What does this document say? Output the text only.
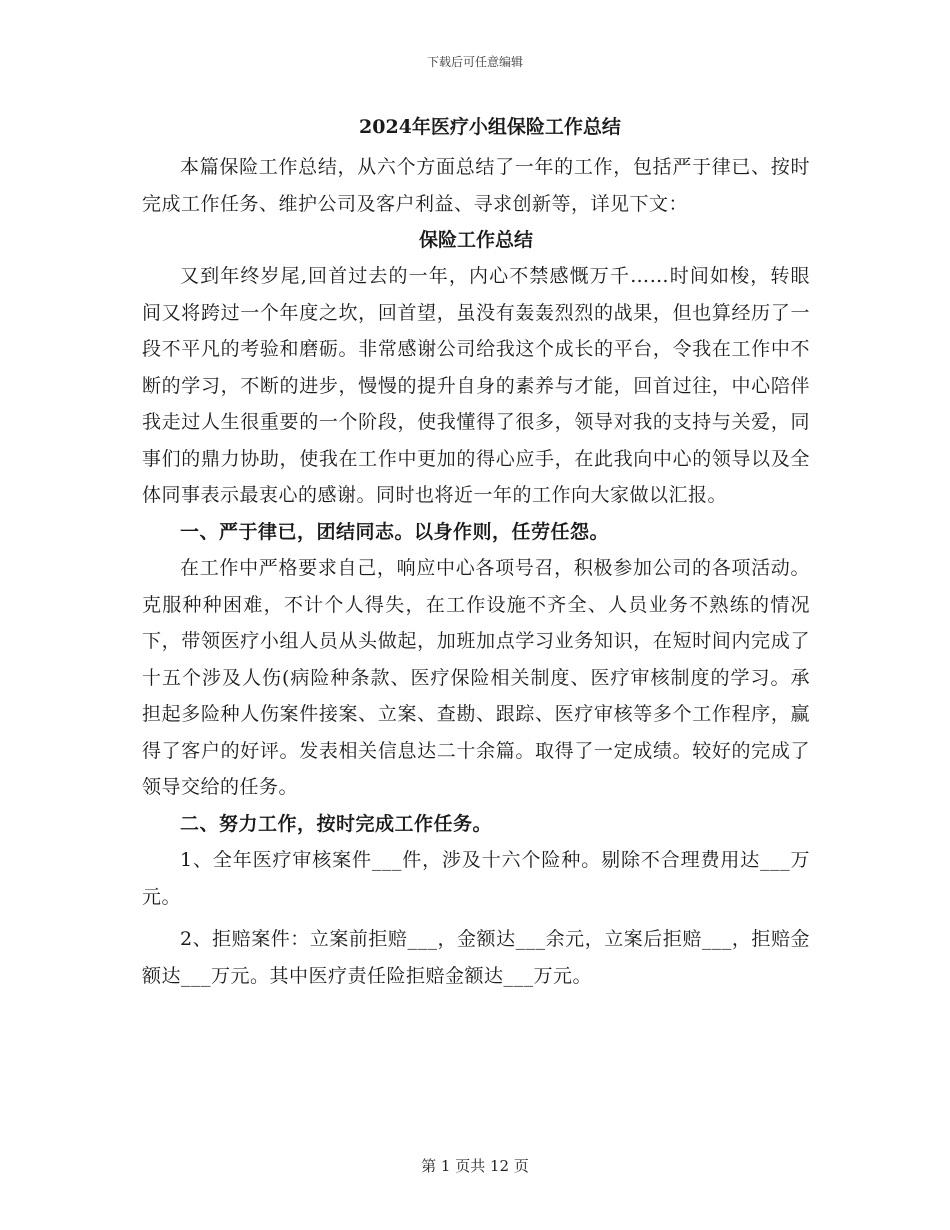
下载后可任意编辑
2024年医疗小组保险工作总结

本篇保险工作总结，从六个方面总结了一年的工作，包括严于律已、按时完成工作任务、维护公司及客户利益、寻求创新等，详见下文：

保险工作总结

又到年终岁尾,回首过去的一年，内心不禁感慨万千……时间如梭，转眼间又将跨过一个年度之坎，回首望，虽没有轰轰烈烈的战果，但也算经历了一段不平凡的考验和磨砺。非常感谢公司给我这个成长的平台，令我在工作中不断的学习，不断的进步，慢慢的提升自身的素养与才能，回首过往，中心陪伴我走过人生很重要的一个阶段，使我懂得了很多，领导对我的支持与关爱，同事们的鼎力协助，使我在工作中更加的得心应手，在此我向中心的领导以及全体同事表示最衷心的感谢。同时也将近一年的工作向大家做以汇报。

一、严于律已，团结同志。以身作则，任劳任怨。

在工作中严格要求自己，响应中心各项号召，积极参加公司的各项活动。克服种种困难，不计个人得失，在工作设施不齐全、人员业务不熟练的情况下，带领医疗小组人员从头做起，加班加点学习业务知识，在短时间内完成了十五个涉及人伤(病险种条款、医疗保险相关制度、医疗审核制度的学习。承担起多险种人伤案件接案、立案、查勘、跟踪、医疗审核等多个工作程序，赢得了客户的好评。发表相关信息达二十余篇。取得了一定成绩。较好的完成了领导交给的任务。

二、努力工作，按时完成工作任务。

1、全年医疗审核案件___件，涉及十六个险种。剔除不合理费用达___万元。

2、拒赔案件：立案前拒赔___，金额达___余元，立案后拒赔___，拒赔金额达___万元。其中医疗责任险拒赔金额达___万元。

第 1 页共 12 页
